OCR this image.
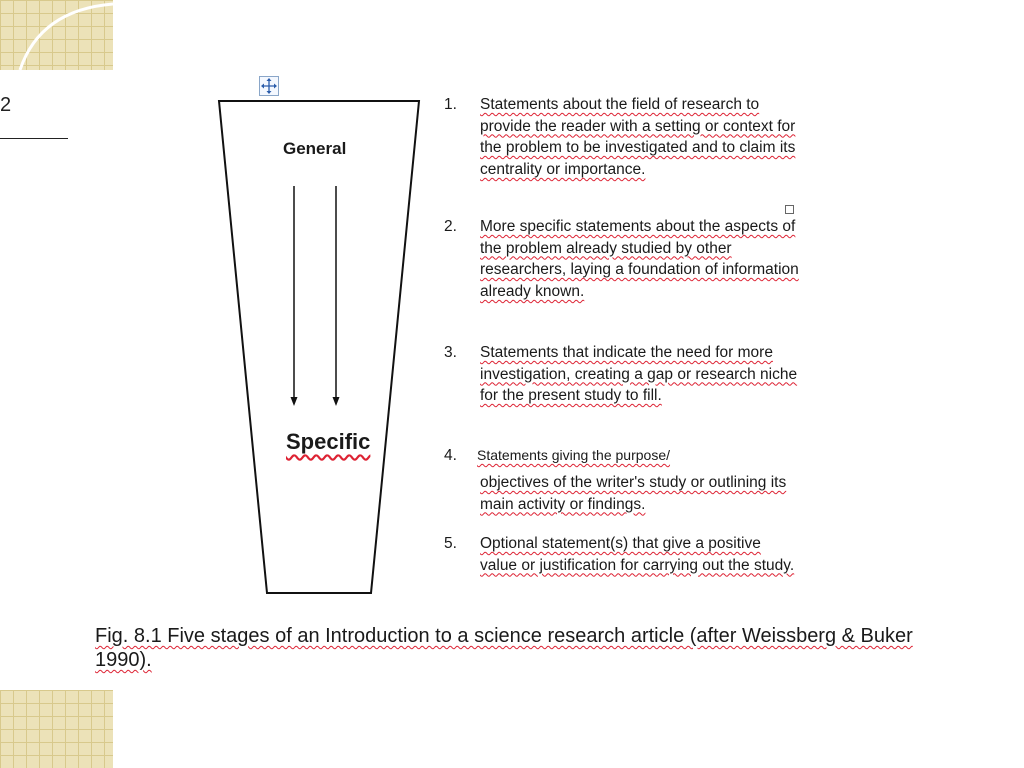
2
General
Specific
1.	Statements about the field of research to provide the reader with a setting or context for the problem to be investigated and to claim its centrality or importance.
2.	More specific statements about the aspects of the problem already studied by other researchers, laying a foundation of information already known.
3.	Statements that indicate the need for more investigation, creating a gap or research niche for the present study to fill.
4.	Statements giving the purpose/
objectives of the writer's study or outlining its main activity or findings.
5.	Optional statement(s) that give a positive value or justification for carrying out the study.
Fig. 8.1 Five stages of an Introduction to a science research article (after Weissberg & Buker 1990).
